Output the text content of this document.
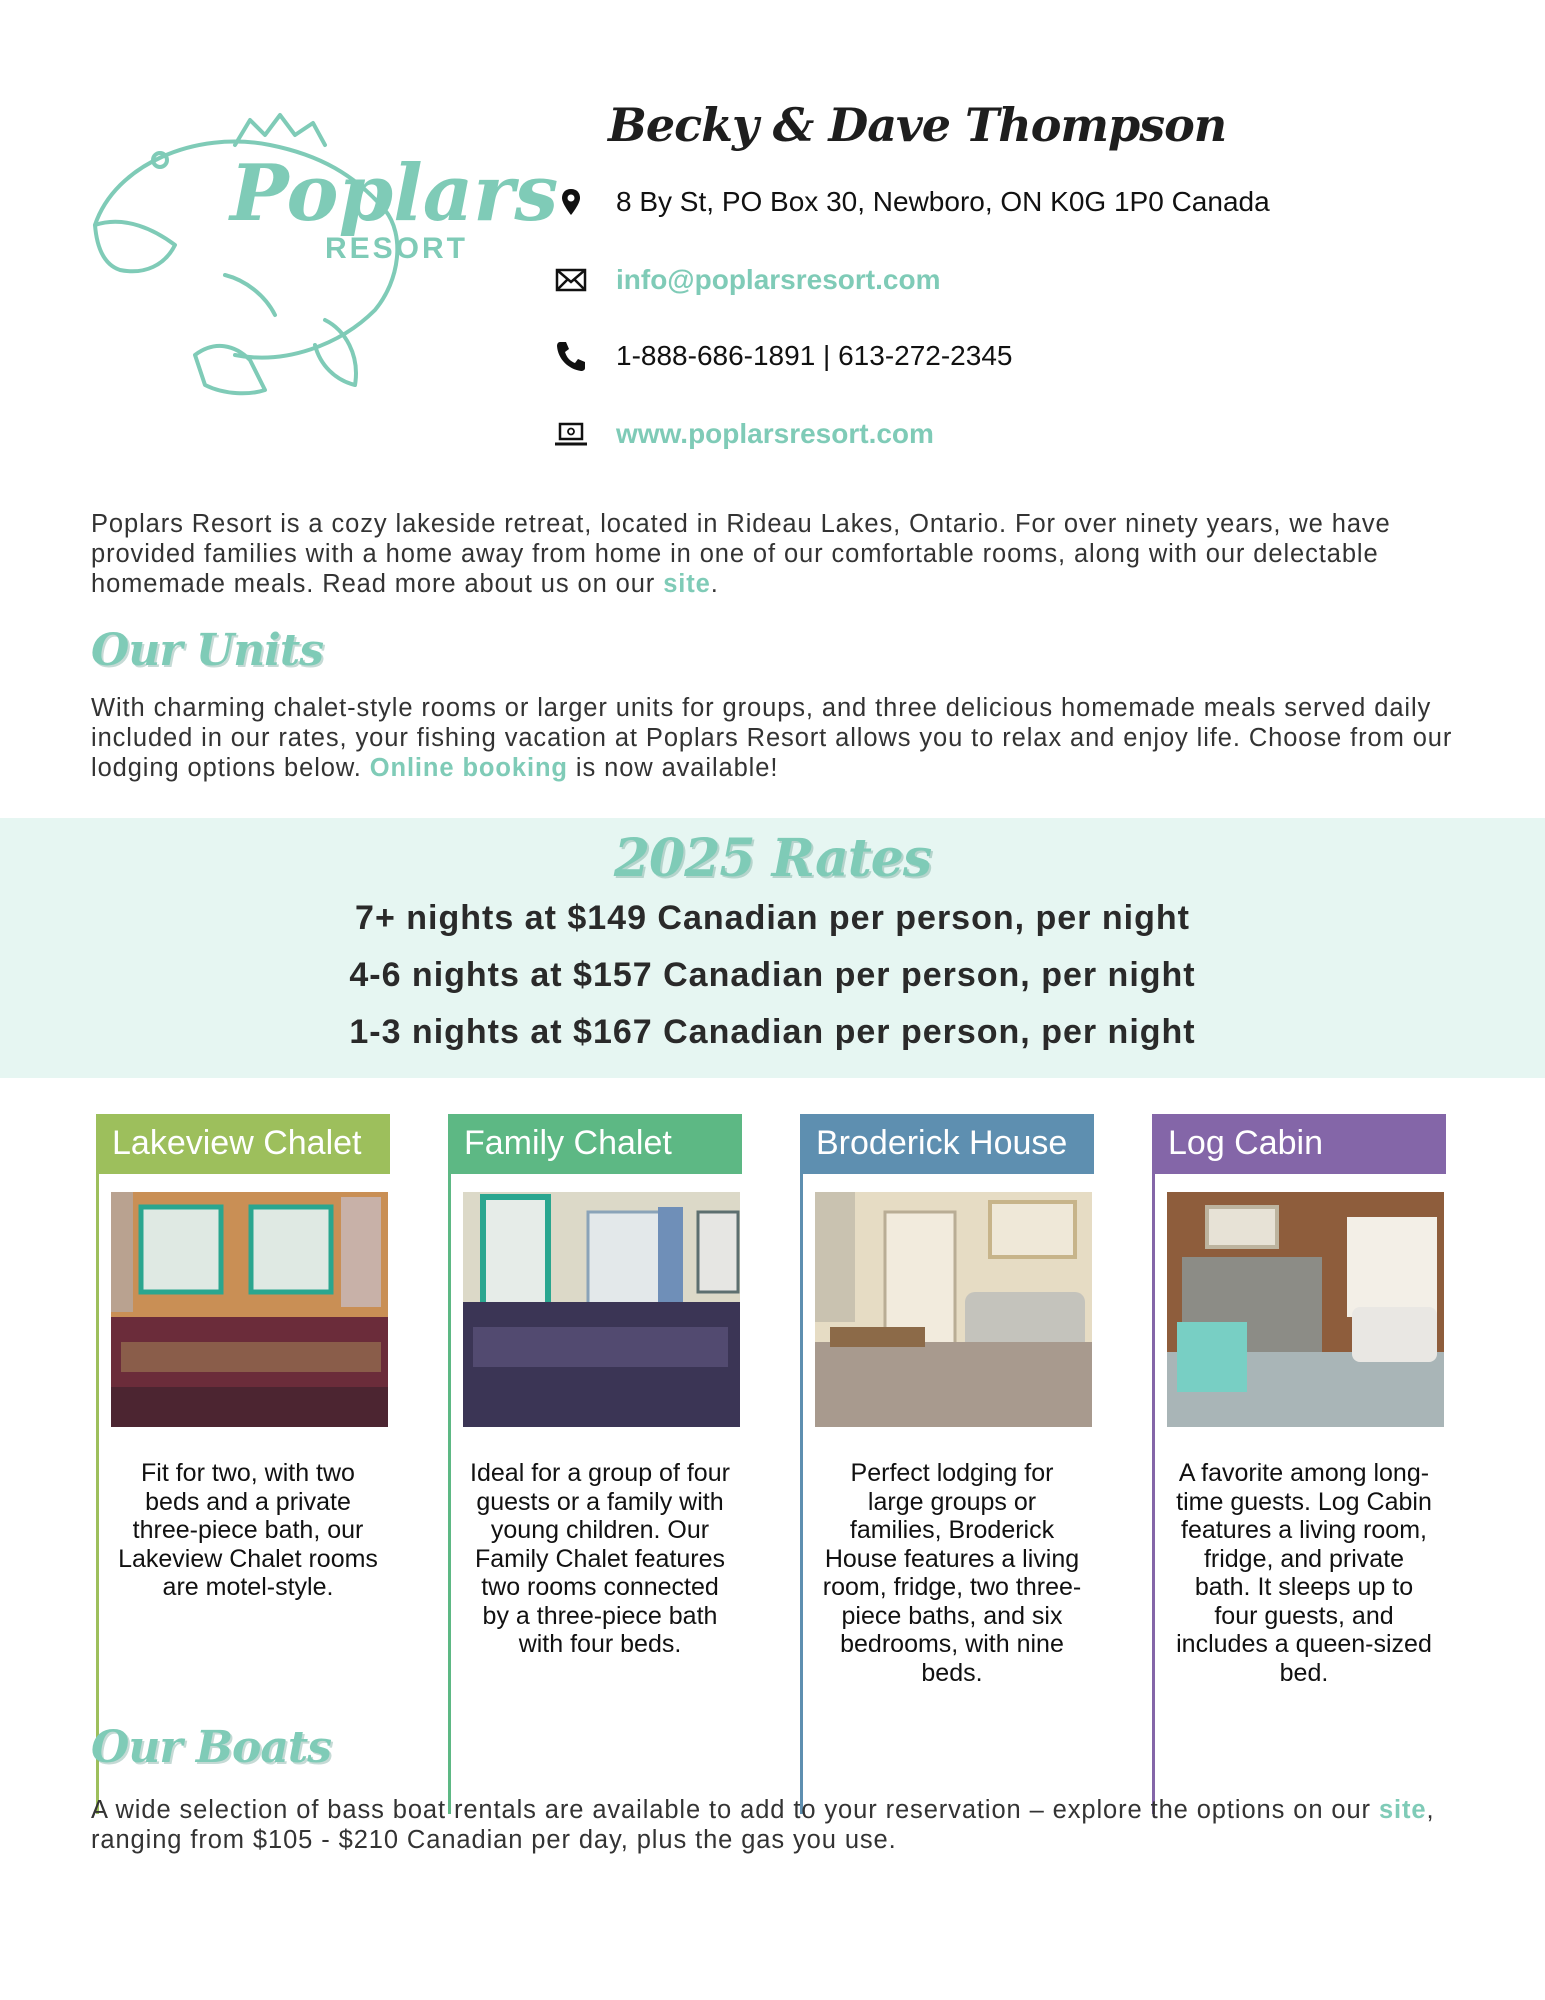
Poplars
RESORT
Becky & Dave Thompson
8 By St, PO Box 30, Newboro, ON K0G 1P0 Canada
info@poplarsresort.com
1-888-686-1891 | 613-272-2345
www.poplarsresort.com
Poplars Resort is a cozy lakeside retreat, located in Rideau Lakes, Ontario. For over ninety years, we have provided families with a home away from home in one of our comfortable rooms, along with our delectable homemade meals. Read more about us on our site.
Our Units
With charming chalet-style rooms or larger units for groups, and three delicious homemade meals served daily included in our rates, your fishing vacation at Poplars Resort allows you to relax and enjoy life. Choose from our lodging options below. Online booking is now available!
2025 Rates
7+ nights at $149 Canadian per person, per night
4-6 nights at $157 Canadian per person, per night
1-3 nights at $167 Canadian per person, per night
Lakeview Chalet
Fit for two, with two beds and a private three-piece bath, our Lakeview Chalet rooms are motel-style.
Family Chalet
Ideal for a group of four guests or a family with young children. Our Family Chalet features two rooms connected by a three-piece bath with four beds.
Broderick House
Perfect lodging for large groups or families, Broderick House features a living room, fridge, two three-piece baths, and six bedrooms, with nine beds.
Log Cabin
A favorite among long-time guests. Log Cabin features a living room, fridge, and private bath. It sleeps up to four guests, and includes a queen-sized bed.
Our Boats
A wide selection of bass boat rentals are available to add to your reservation – explore the options on our site, ranging from $105 - $210 Canadian per day, plus the gas you use.
